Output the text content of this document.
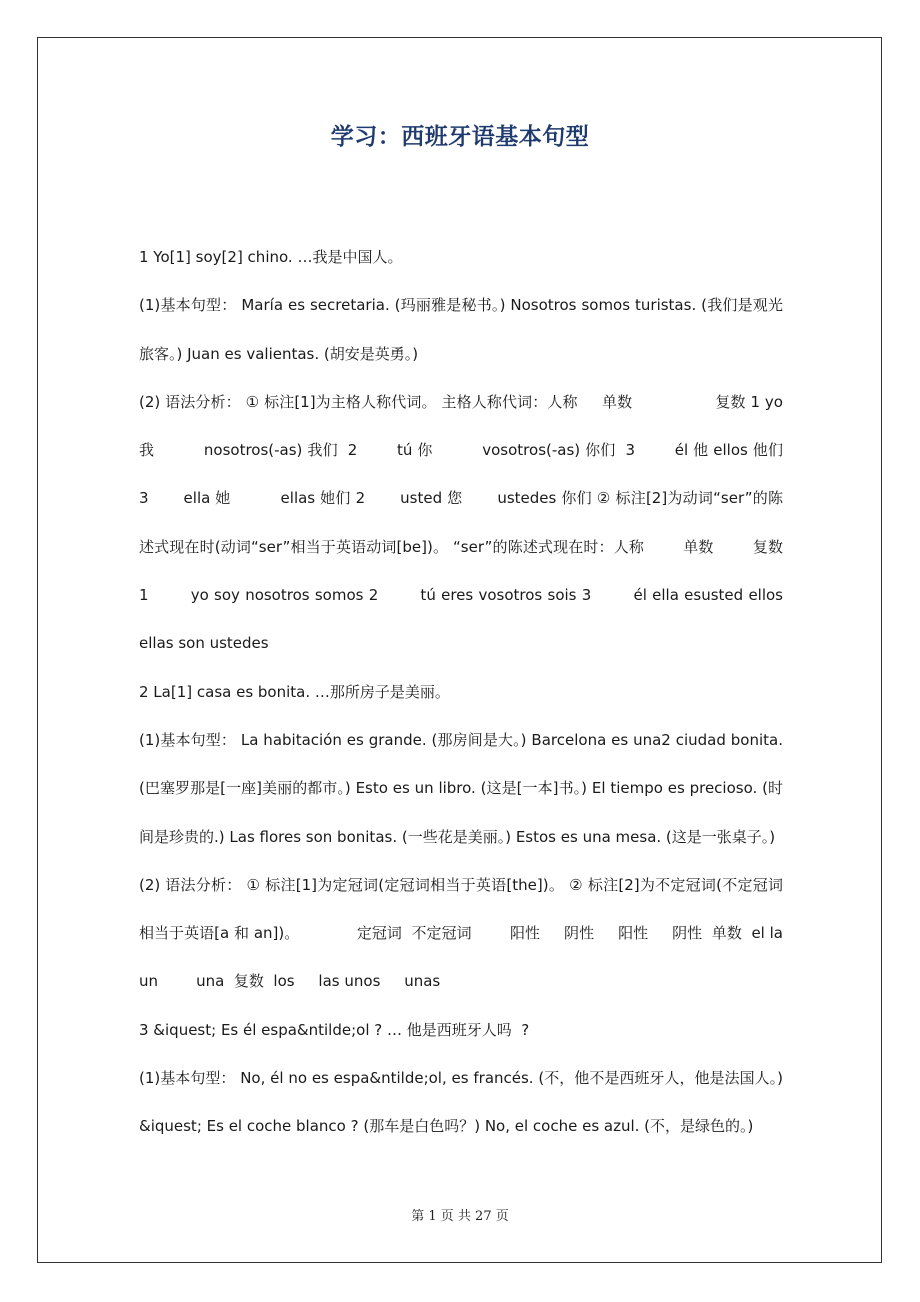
学习：西班牙语基本句型

1 Yo[1] soy[2] chino. …我是中国人。

(1)基本句型： María es secretaria. (玛丽雅是秘书。) Nosotros somos turistas. (我们是观光旅客。) Juan es valientas. (胡安是英勇。)

(2) 语法分析： ① 标注[1]为主格人称代词。 主格人称代词：人称     单数                 复数 1 yo 我          nosotros(-as) 我们  2        tú 你          vosotros(-as) 你们  3        él 他 ellos 他们 3       ella 她          ellas 她们 2       usted 您       ustedes 你们 ② 标注[2]为动词“ser”的陈述式现在时(动词“ser”相当于英语动词[be])。 “ser”的陈述式现在时：人称        单数        复数 1        yo soy nosotros somos 2        tú eres vosotros sois 3        él ella esusted ellos ellas son ustedes

2 La[1] casa es bonita. …那所房子是美丽。

(1)基本句型： La habitación es grande. (那房间是大。) Barcelona es una2 ciudad bonita. (巴塞罗那是[一座]美丽的都市。) Esto es un libro. (这是[一本]书。) El tiempo es precioso. (时间是珍贵的.) Las flores son bonitas. (一些花是美丽。) Estos es una mesa. (这是一张桌子。)

(2) 语法分析： ① 标注[1]为定冠词(定冠词相当于英语[the])。 ② 标注[2]为不定冠词(不定冠词相当于英语[a 和 an])。            定冠词  不定冠词        阳性     阴性     阳性     阴性  单数  el la        un        una  复数  los     las unos     unas

3 &iquest; Es él espa&ntilde;ol ? … 他是西班牙人吗  ?

(1)基本句型： No, él no es espa&ntilde;ol, es francés. (不，他不是西班牙人，他是法国人。) &iquest; Es el coche blanco ? (那车是白色吗？) No, el coche es azul. (不，是绿色的。)

第 1 页 共 27 页
